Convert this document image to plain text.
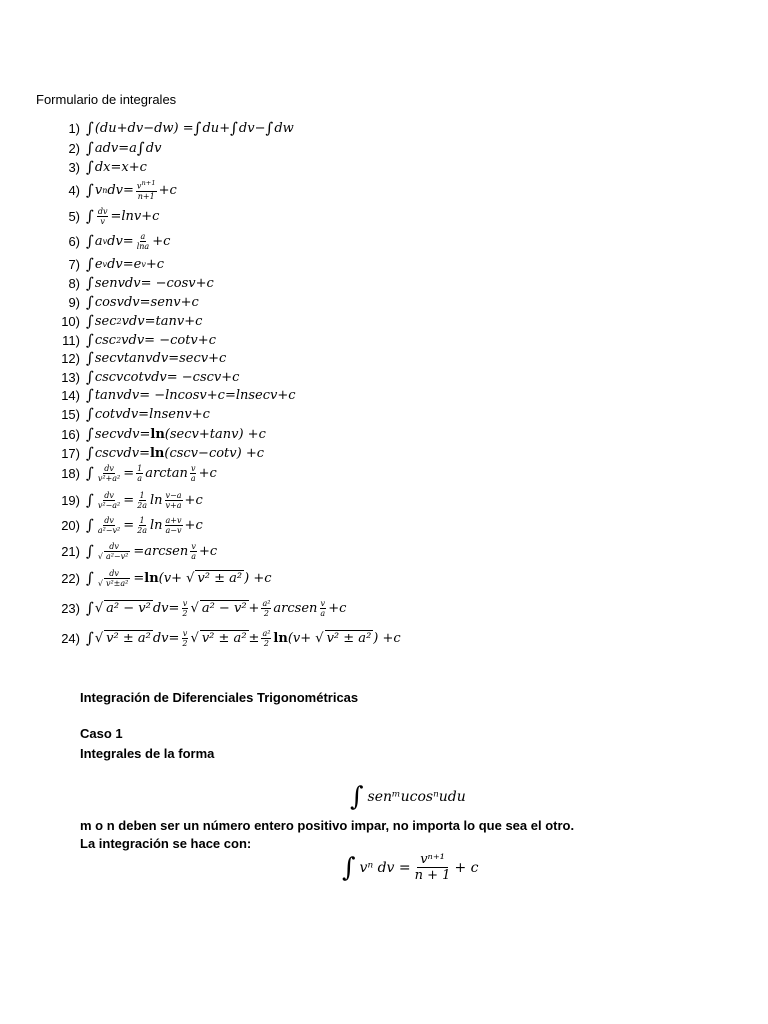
Formulario de integrales
1) ∫ ( du + dv − dw ) = ∫ du + ∫ dv − ∫ dw
2) ∫ adv = a ∫ dv
3) ∫ dx = x + c
4) ∫ v n dv = $\frac{v^{n+1}}{n+1} + c$
5) ∫ $\frac{dv}{v} = \ln v + c$
6) ∫ a v dv = $\frac{a}{\ln a} + c$
7) ∫ e v dv = e v + c
8) ∫ senvdv = − cosv + c
9) ∫ cosvdv = senv + c
10) ∫ sec 2 vdv = tanv + c
11) ∫ csc 2 vdv = − cotv + c
12) ∫ secvtanvdv = secv + c
13) ∫ cscvcotvdv = − cscv + c
14) ∫ tanvdv = − lncosv + c = lnsecv + c
15) ∫ cotvdv = lnsenv + c
16) ∫ secvdv = ln ( secv + tanv ) + c
17) ∫ cscvdv = ln ( cscv − cotv ) + c
18) ∫ $\frac{dv}{\text{v²+a²}} = \frac{1}{a}$ $\arctan \frac{v}{a} + c$
19) ∫ $\frac{dv}{\text{v²−a²}} = \frac{1}{2a}$ $\ln \frac{v-a}{v+a} + c$
20) ∫ $\frac{dv}{\text{a²−v²}} = \frac{1}{2a}$ $\ln \frac{a+v}{a-v} + c$
21) ∫ $\frac{dv}{\text{√ a²−v²}}$ = arcsen $\frac{v}{a} + c$
22) ∫ $\frac{dv}{\text{√ v²±a²}} = \ln$ ( v + √ v² ± a² ) + c
23) ∫ √ a² − v² dv = $\frac{v}{2}$ √ $a^2 - v^2 + \frac{\text{a²}}{2}$ arcsen $\frac{v}{a} + c$
24) ∫ √ v² ± a² dv = $\frac{v}{2}$ √ $v^2 \pm a^2 \pm \frac{\text{a²}}{2}$ ln ( v + √ v² ± a² ) + c
Integración de Diferenciales Trigonométricas
Caso 1
Integrales de la forma
∫ senᵐucosⁿudu
m o n deben ser un número entero positivo impar, no importa lo que sea el otro.
La integración se hace con:
∫ vⁿ dv = $\frac{\text{vⁿ⁺¹}}{n + 1} + c$
